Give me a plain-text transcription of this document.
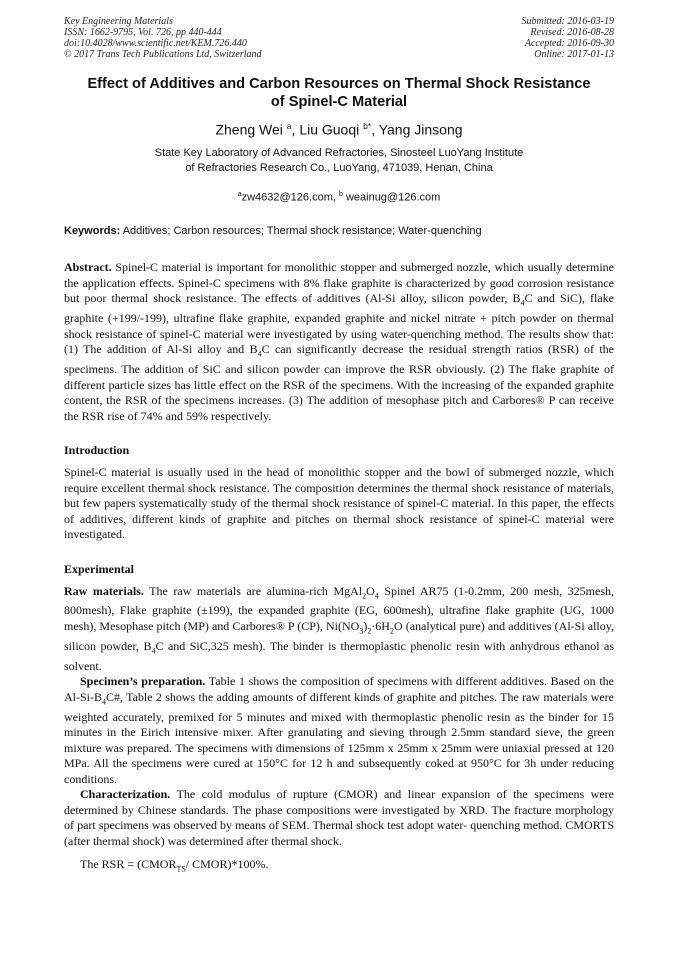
Key Engineering Materials
ISSN: 1662-9795, Vol. 726, pp 440-444
doi:10.4028/www.scientific.net/KEM.726.440
© 2017 Trans Tech Publications Ltd, Switzerland
Submitted: 2016-03-19
Revised: 2016-08-28
Accepted: 2016-09-30
Online: 2017-01-13
Effect of Additives and Carbon Resources on Thermal Shock Resistance
of Spinel-C Material
Zheng Wei $^a$, Liu Guoqi $^{b*}$, Yang Jinsong
State Key Laboratory of Advanced Refractories, Sinosteel LuoYang Institute
of Refractories Research Co., LuoYang, 471039, Henan, China
$^a$zw4632@126.com, $^b$ weainug@126.com
Keywords: Additives; Carbon resources; Thermal shock resistance; Water-quenching

Abstract. Spinel-C material is important for monolithic stopper and submerged nozzle, which usually determine the application effects. Spinel-C specimens with 8% flake graphite is characterized by good corrosion resistance but poor thermal shock resistance. The effects of additives (Al-Si alloy, silicon powder, $B_4C$ and SiC), flake graphite (+199/-199), ultrafine flake graphite, expanded graphite and nickel nitrate + pitch powder on thermal shock resistance of spinel-C material were investigated by using water-quenching method. The results show that: (1) The addition of Al-Si alloy and $B_4C$ can significantly decrease the residual strength ratios (RSR) of the specimens. The addition of SiC and silicon powder can improve the RSR obviously. (2) The flake graphite of different particle sizes has little effect on the RSR of the specimens. With the increasing of the expanded graphite content, the RSR of the specimens increases. (3) The addition of mesophase pitch and Carbores® P can receive the RSR rise of 74% and 59% respectively.

Introduction

Spinel-C material is usually used in the head of monolithic stopper and the bowl of submerged nozzle, which require excellent thermal shock resistance. The composition determines the thermal shock resistance of materials, but few papers systematically study of the thermal shock resistance of spinel-C material. In this paper, the effects of additives, different kinds of graphite and pitches on thermal shock resistance of spinel-C material were investigated.

Experimental

Raw materials. The raw materials are alumina-rich $MgAl_2O_4$ Spinel AR75 (1-0.2mm, 200 mesh, 325mesh, 800mesh), Flake graphite (±199), the expanded graphite (EG, 600mesh), ultrafine flake graphite (UG, 1000 mesh), Mesophase pitch (MP) and Carbores® P (CP), $Ni(NO_3)_2\cdot 6H_2O$ (analytical pure) and additives (Al-Si alloy, silicon powder, $B_4C$ and SiC,325 mesh). The binder is thermoplastic phenolic resin with anhydrous ethanol as solvent.

Specimen’s preparation. Table 1 shows the composition of specimens with different additives. Based on the $Al-Si-B_4C\#$, Table 2 shows the adding amounts of different kinds of graphite and pitches. The raw materials were weighted accurately, premixed for 5 minutes and mixed with thermoplastic phenolic resin as the binder for 15 minutes in the Eirich intensive mixer. After granulating and sieving through 2.5mm standard sieve, the green mixture was prepared. The specimens with dimensions of 125mm x 25mm x 25mm were uniaxial pressed at 120 MPa. All the specimens were cured at 150°C for 12 h and subsequently coked at 950°C for 3h under reducing conditions.

Characterization. The cold modulus of rupture (CMOR) and linear expansion of the specimens were determined by Chinese standards. The phase compositions were investigated by XRD. The fracture morphology of part specimens was observed by means of SEM. Thermal shock test adopt water- quenching method. CMORTS (after thermal shock) was determined after thermal shock.

The RSR = ($CMOR_{TS}/$ CMOR)*100%.
